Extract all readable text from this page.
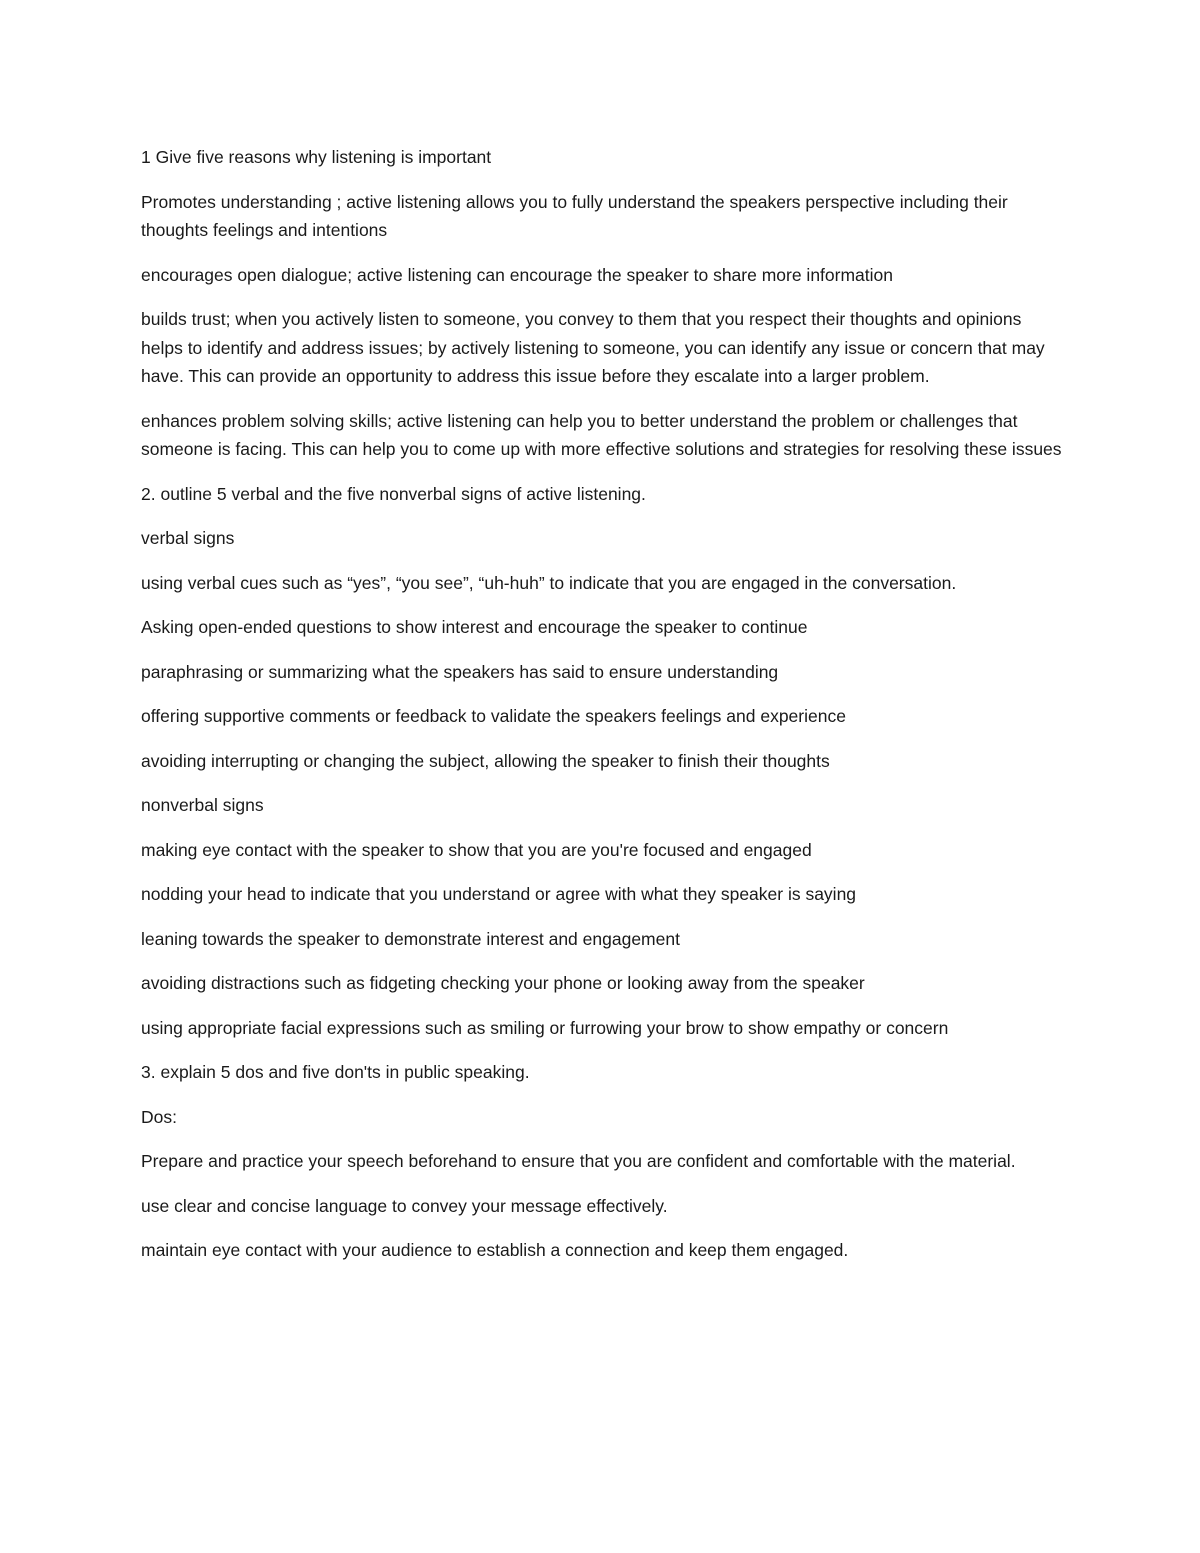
1 Give five reasons why listening is important

Promotes understanding ; active listening allows you to fully understand the speakers perspective including their thoughts feelings and intentions

encourages open dialogue; active listening can encourage the speaker to share more information

builds trust; when you actively listen to someone, you convey to them that you respect their thoughts and opinions

helps to identify and address issues; by actively listening to someone, you can identify any issue or concern that may have. This can provide an opportunity to address this issue before they escalate into a larger problem.

enhances problem solving skills; active listening can help you to better understand the problem or challenges that someone is facing. This can help you to come up with more effective solutions and strategies for resolving these issues

2. outline 5 verbal and the five nonverbal signs of active listening.

verbal signs

using verbal cues such as “yes”, “you see”, “uh-huh” to indicate that you are engaged in the conversation.

Asking open-ended questions to show interest and encourage the speaker to continue

paraphrasing or summarizing what the speakers has said to ensure understanding

offering supportive comments or feedback to validate the speakers feelings and experience

avoiding interrupting or changing the subject, allowing the speaker to finish their thoughts

nonverbal signs

making eye contact with the speaker to show that you are you're focused and engaged

nodding your head to indicate that you understand or agree with what they speaker is saying

leaning towards the speaker to demonstrate interest and engagement

avoiding distractions such as fidgeting checking your phone or looking away from the speaker

using appropriate facial expressions such as smiling or furrowing your brow to show empathy or concern

3. explain 5 dos and five don'ts in public speaking.

Dos:

Prepare and practice your speech beforehand to ensure that you are confident and comfortable with the material.

use clear and concise language to convey your message effectively.

maintain eye contact with your audience to establish a connection and keep them engaged.
